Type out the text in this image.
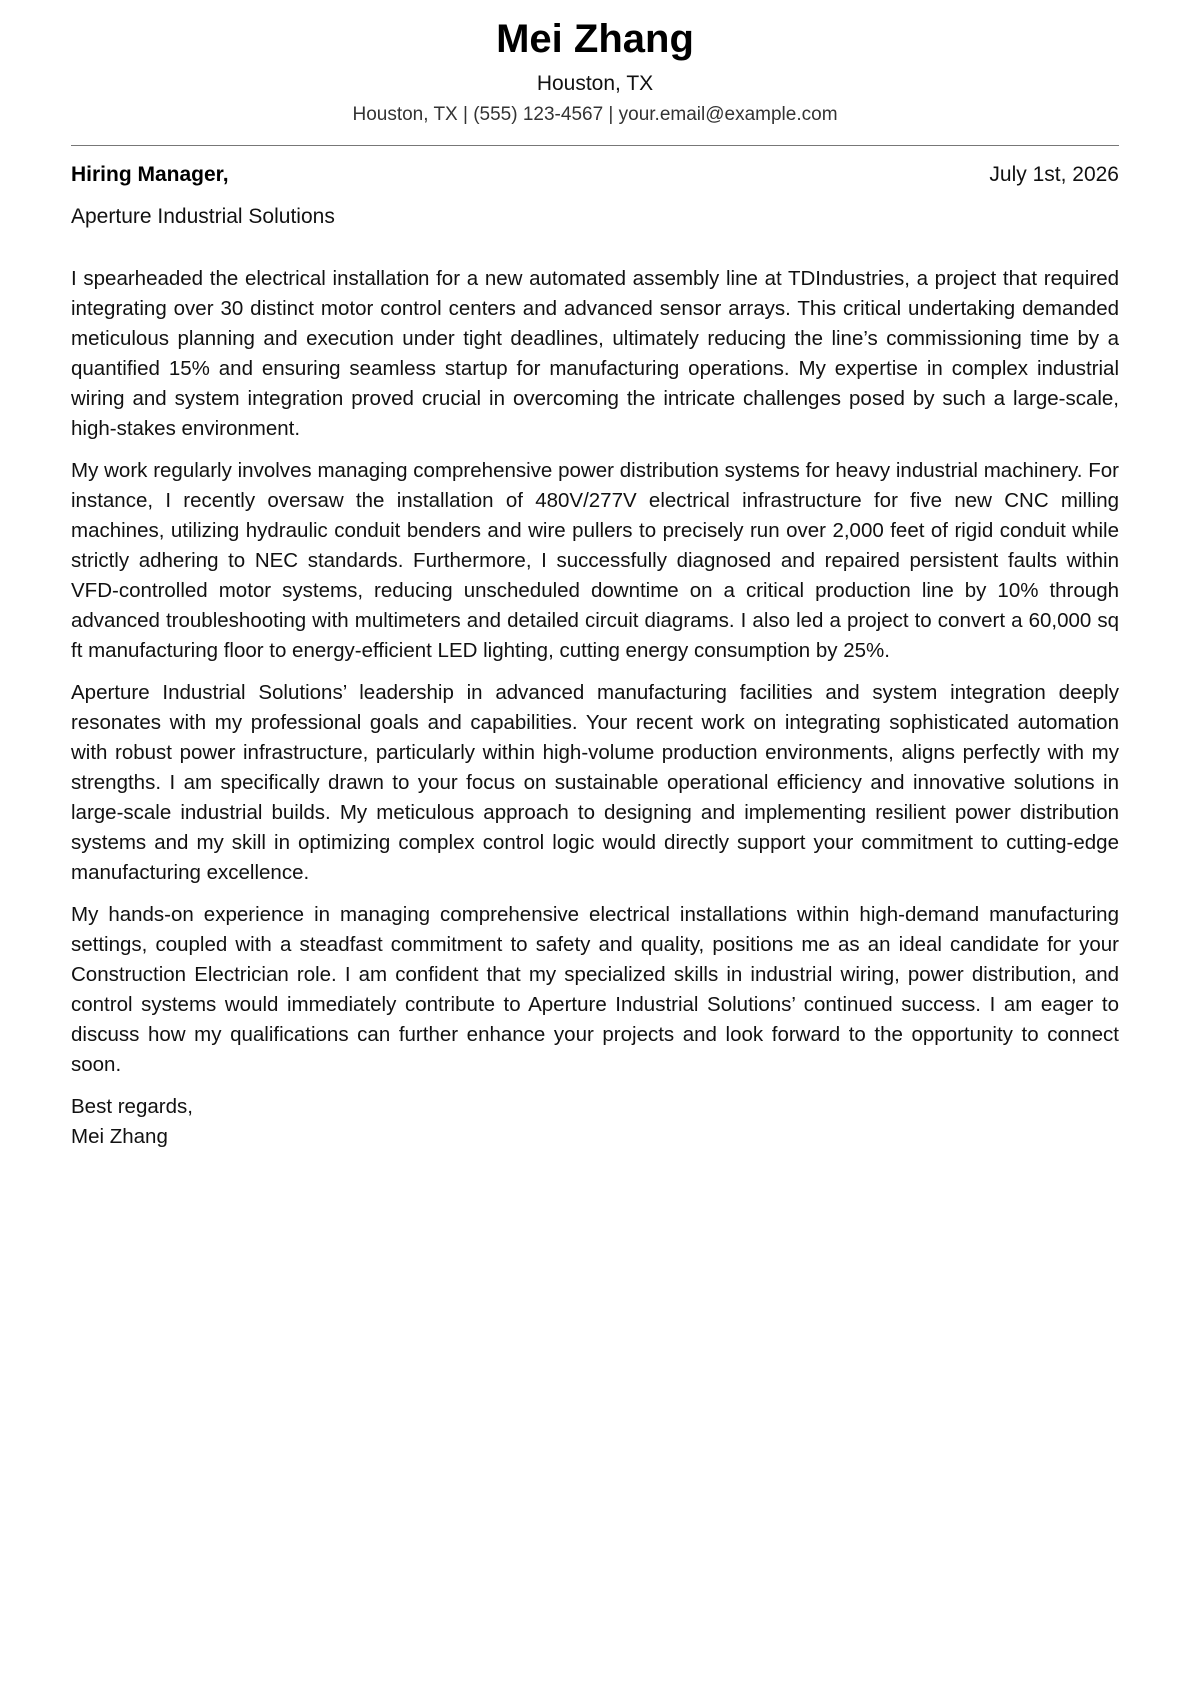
Mei Zhang
Houston, TX
Houston, TX | (555) 123-4567 | your.email@example.com
Hiring Manager,	July 1st, 2026
Aperture Industrial Solutions

I spearheaded the electrical installation for a new automated assembly line at TDIndustries, a project that required integrating over 30 distinct motor control centers and advanced sensor arrays. This critical undertaking demanded meticulous planning and execution under tight deadlines, ultimately reducing the line’s commissioning time by a quantified 15% and ensuring seamless startup for manufacturing operations. My expertise in complex industrial wiring and system integration proved crucial in overcoming the intricate challenges posed by such a large-scale, high-stakes environment.

My work regularly involves managing comprehensive power distribution systems for heavy industrial machinery. For instance, I recently oversaw the installation of 480V/277V electrical infrastructure for five new CNC milling machines, utilizing hydraulic conduit benders and wire pullers to precisely run over 2,000 feet of rigid conduit while strictly adhering to NEC standards. Furthermore, I successfully diagnosed and repaired persistent faults within VFD-controlled motor systems, reducing unscheduled downtime on a critical production line by 10% through advanced troubleshooting with multimeters and detailed circuit diagrams. I also led a project to convert a 60,000 sq ft manufacturing floor to energy-efficient LED lighting, cutting energy consumption by 25%.

Aperture Industrial Solutions’ leadership in advanced manufacturing facilities and system integration deeply resonates with my professional goals and capabilities. Your recent work on integrating sophisticated automation with robust power infrastructure, particularly within high-volume production environments, aligns perfectly with my strengths. I am specifically drawn to your focus on sustainable operational efficiency and innovative solutions in large-scale industrial builds. My meticulous approach to designing and implementing resilient power distribution systems and my skill in optimizing complex control logic would directly support your commitment to cutting-edge manufacturing excellence.

My hands-on experience in managing comprehensive electrical installations within high-demand manufacturing settings, coupled with a steadfast commitment to safety and quality, positions me as an ideal candidate for your Construction Electrician role. I am confident that my specialized skills in industrial wiring, power distribution, and control systems would immediately contribute to Aperture Industrial Solutions’ continued success. I am eager to discuss how my qualifications can further enhance your projects and look forward to the opportunity to connect soon.

Best regards,
Mei Zhang
